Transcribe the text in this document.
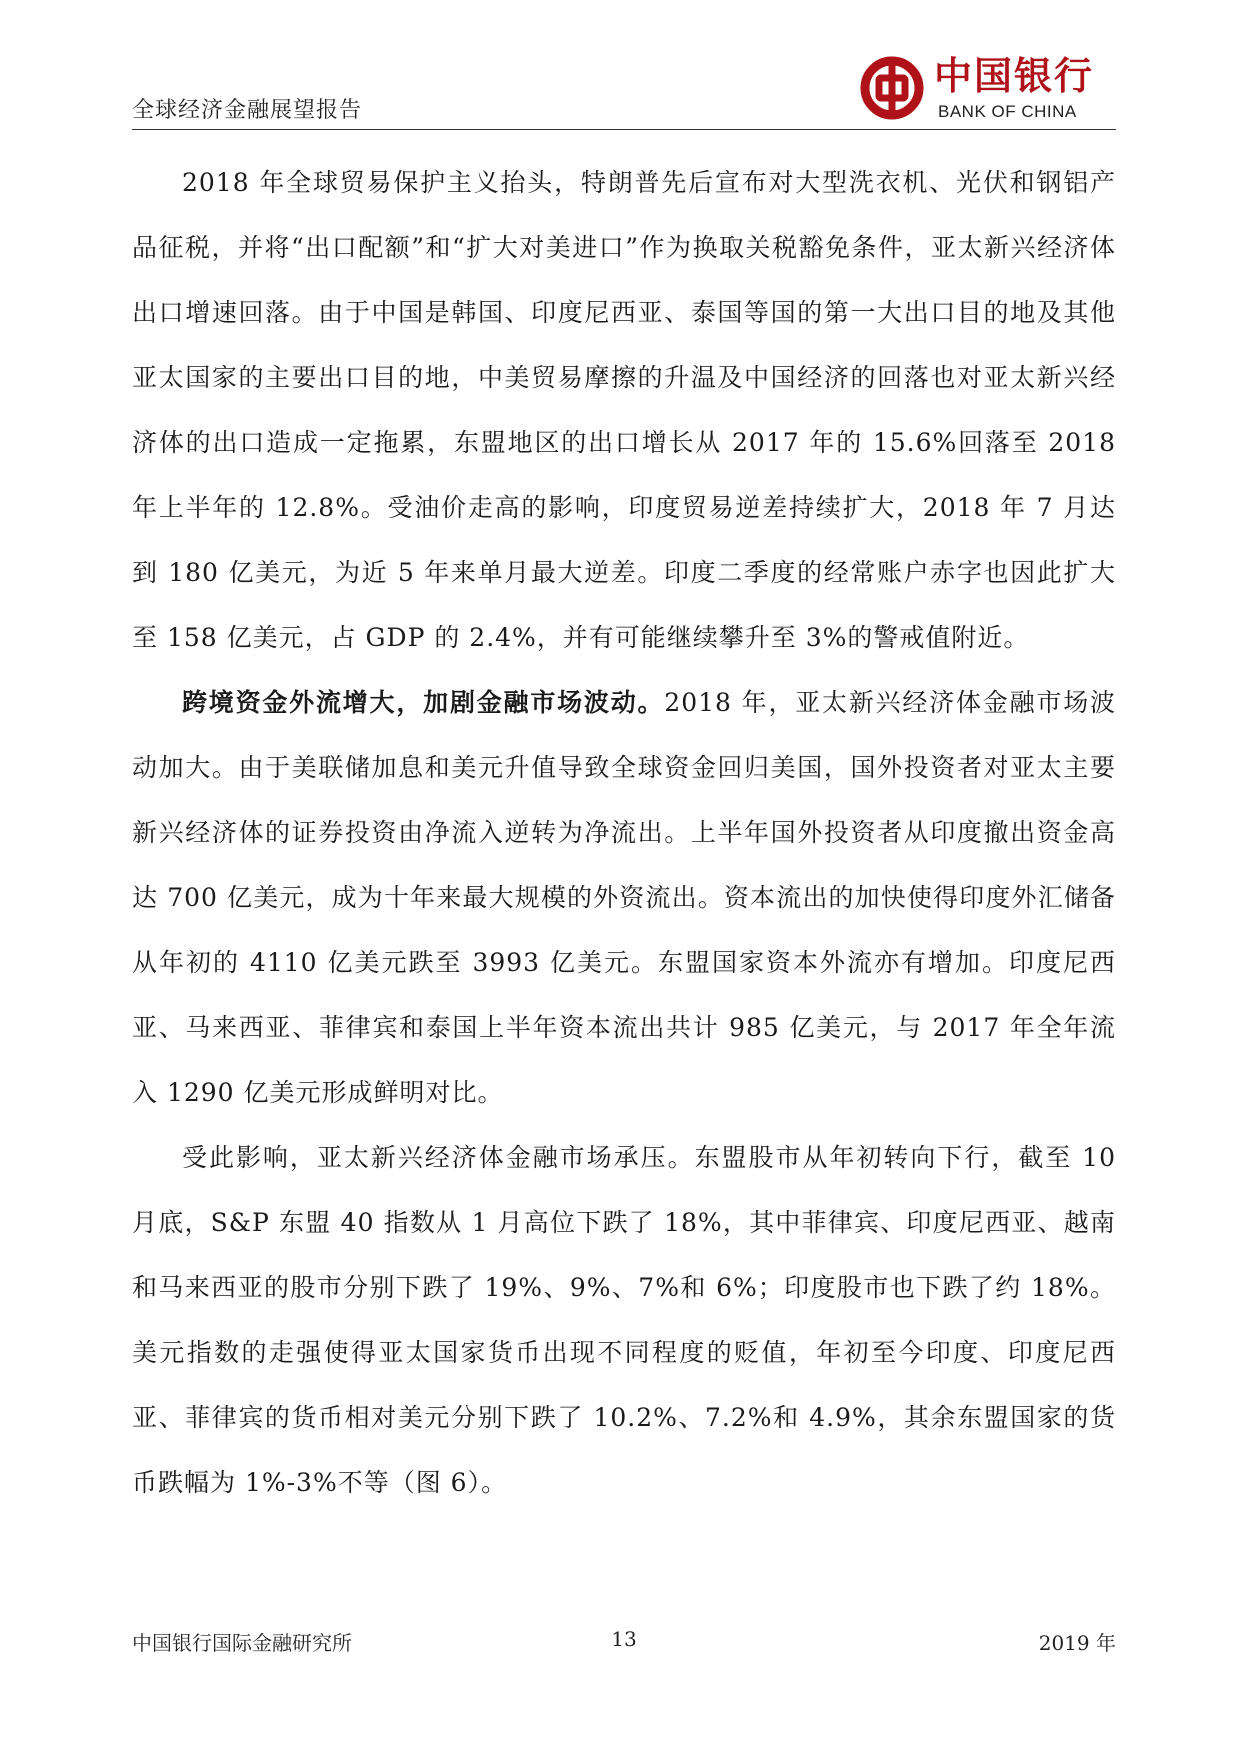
全球经济金融展望报告
中国银行
BANK OF CHINA

2018 年全球贸易保护主义抬头，特朗普先后宣布对大型洗衣机、光伏和钢铝产品征税，并将“出口配额”和“扩大对美进口”作为换取关税豁免条件，亚太新兴经济体出口增速回落。由于中国是韩国、印度尼西亚、泰国等国的第一大出口目的地及其他亚太国家的主要出口目的地，中美贸易摩擦的升温及中国经济的回落也对亚太新兴经济体的出口造成一定拖累，东盟地区的出口增长从 2017 年的 15.6%回落至 2018 年上半年的 12.8%。受油价走高的影响，印度贸易逆差持续扩大，2018 年 7 月达到 180 亿美元，为近 5 年来单月最大逆差。印度二季度的经常账户赤字也因此扩大至 158 亿美元，占 GDP 的 2.4%，并有可能继续攀升至 3%的警戒值附近。

跨境资金外流增大，加剧金融市场波动。2018 年，亚太新兴经济体金融市场波动加大。由于美联储加息和美元升值导致全球资金回归美国，国外投资者对亚太主要新兴经济体的证券投资由净流入逆转为净流出。上半年国外投资者从印度撤出资金高达 700 亿美元，成为十年来最大规模的外资流出。资本流出的加快使得印度外汇储备从年初的 4110 亿美元跌至 3993 亿美元。东盟国家资本外流亦有增加。印度尼西亚、马来西亚、菲律宾和泰国上半年资本流出共计 985 亿美元，与 2017 年全年流入 1290 亿美元形成鲜明对比。

受此影响，亚太新兴经济体金融市场承压。东盟股市从年初转向下行，截至 10 月底，S&P 东盟 40 指数从 1 月高位下跌了 18%，其中菲律宾、印度尼西亚、越南和马来西亚的股市分别下跌了 19%、9%、7%和 6%；印度股市也下跌了约 18%。美元指数的走强使得亚太国家货币出现不同程度的贬值，年初至今印度、印度尼西亚、菲律宾的货币相对美元分别下跌了 10.2%、7.2%和 4.9%，其余东盟国家的货币跌幅为 1%-3%不等（图 6）。

中国银行国际金融研究所	13	2019 年
